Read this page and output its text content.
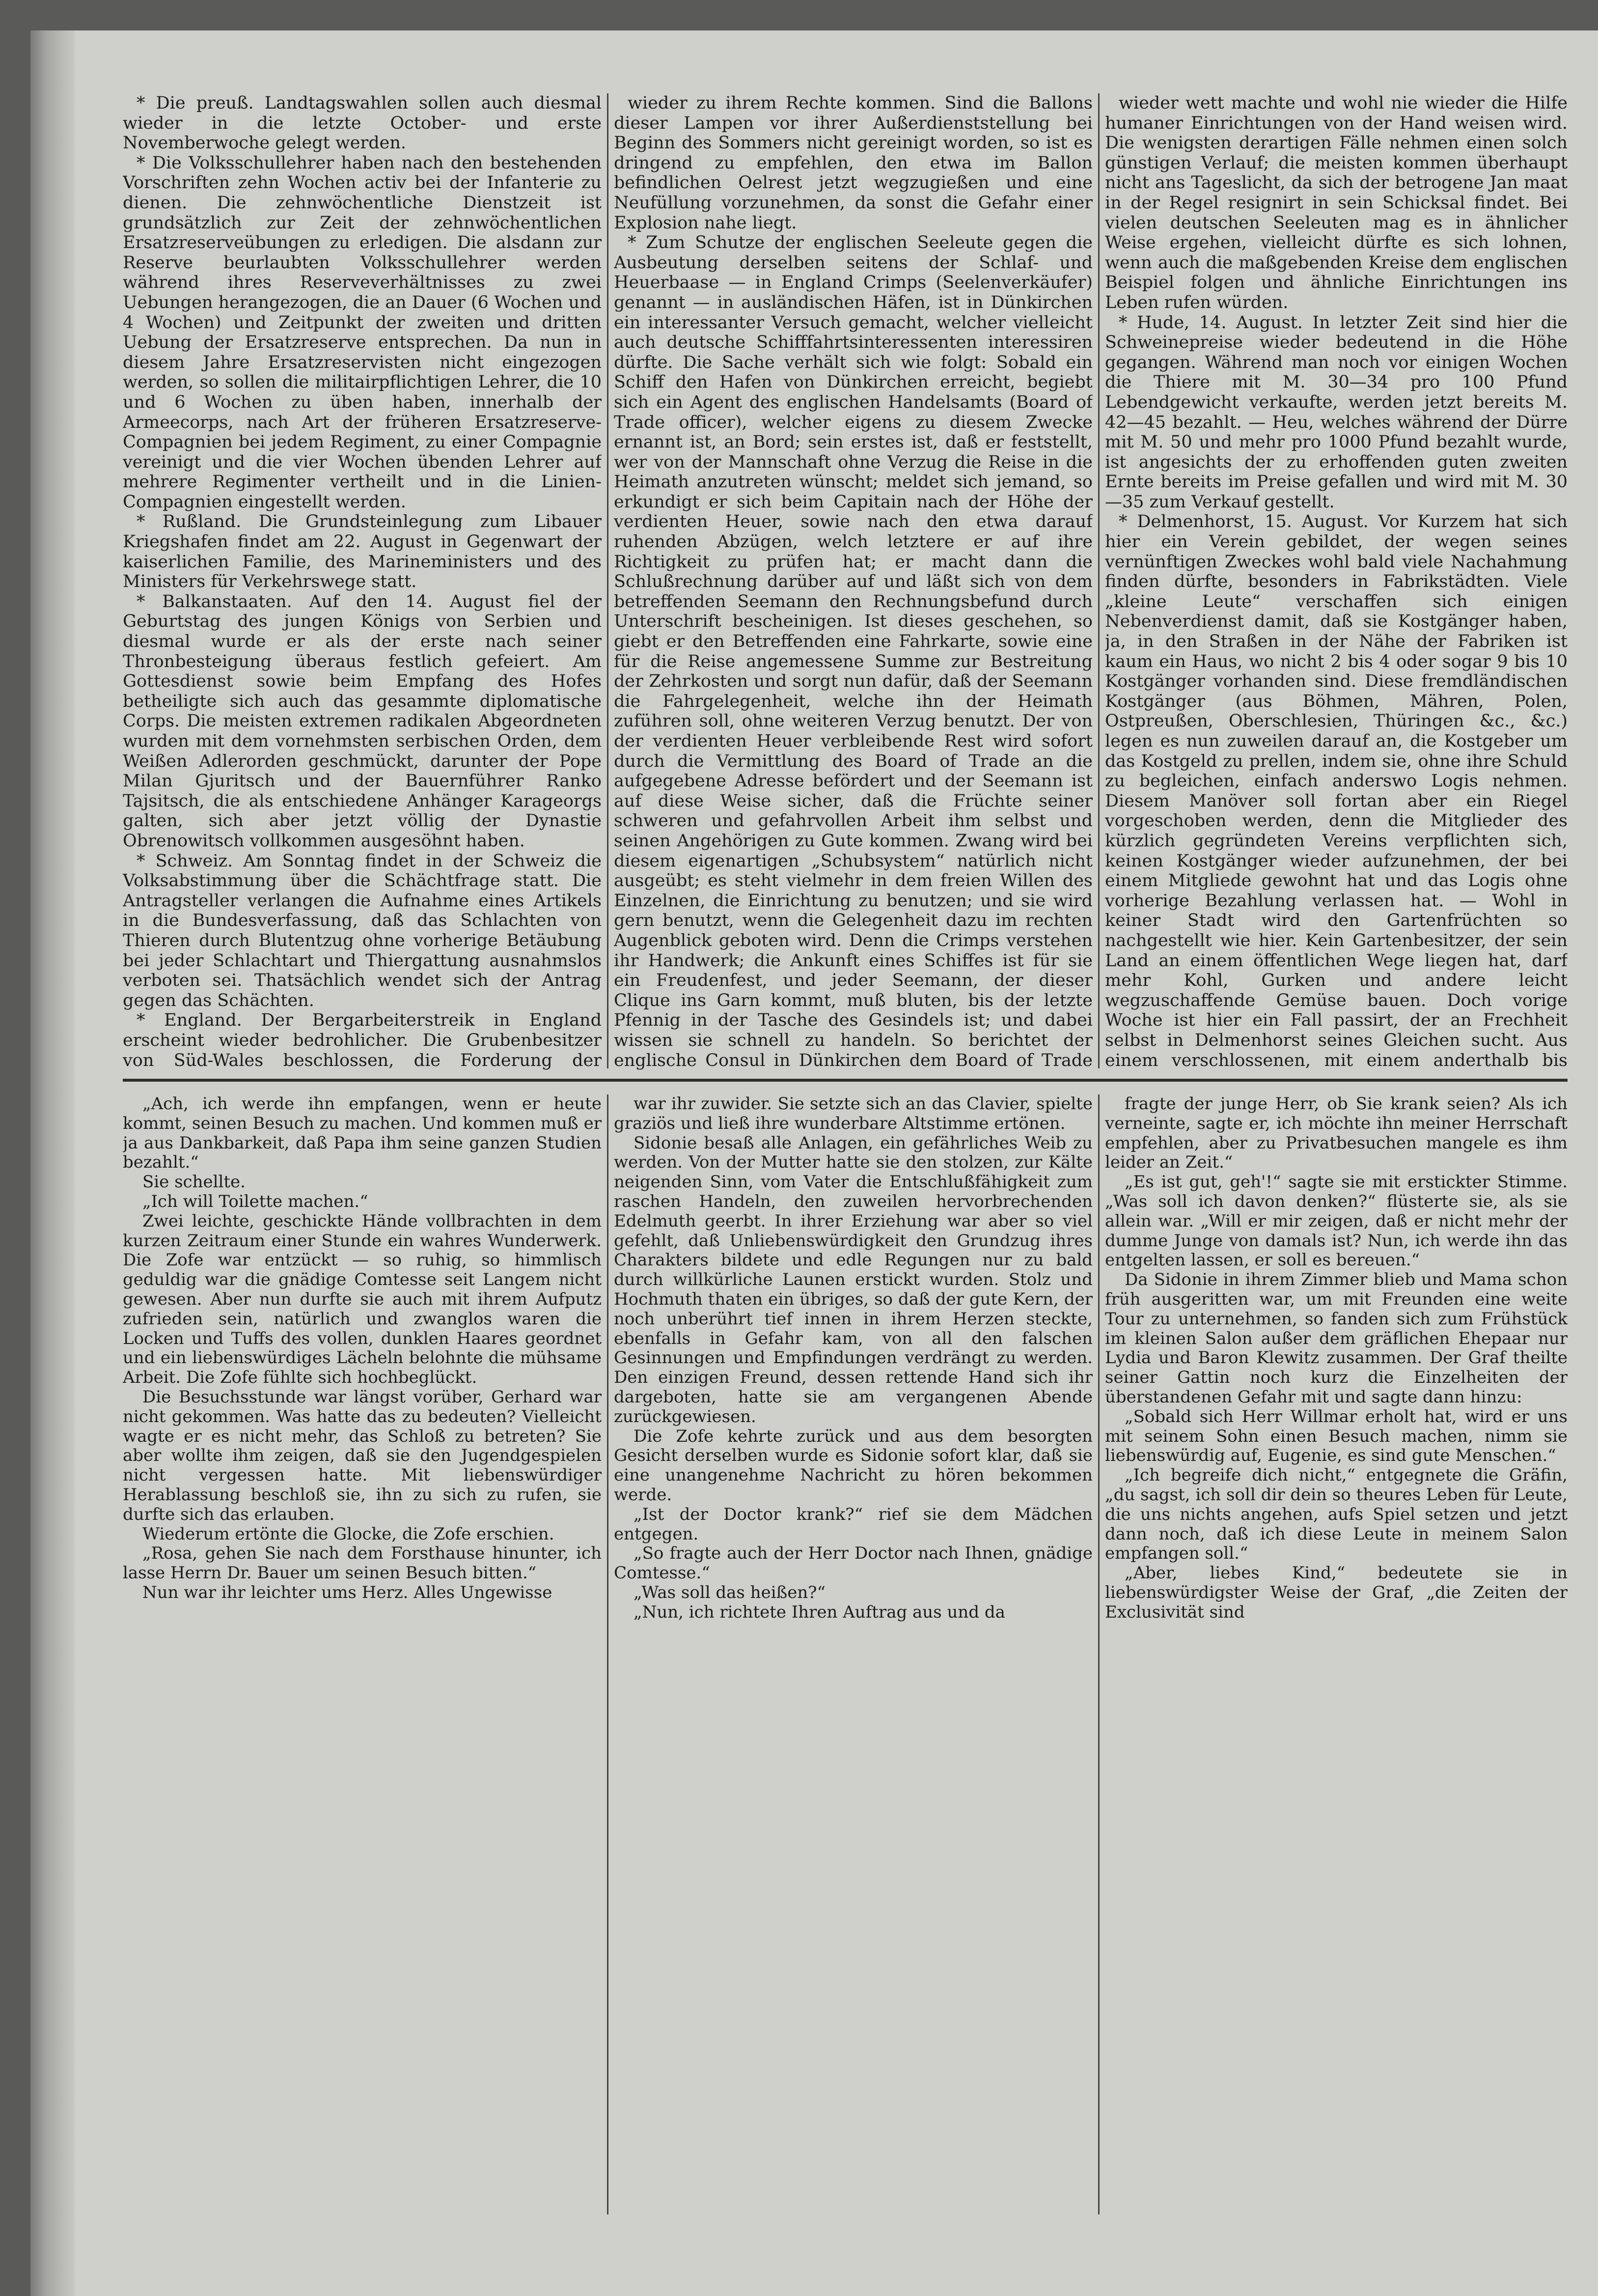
* Die preuß. Landtagswahlen sollen auch diesmal wieder in die letzte October- und erste Novemberwoche gelegt werden.

* Die Volksschullehrer haben nach den bestehenden Vorschriften zehn Wochen activ bei der Infanterie zu dienen. Die zehnwöchentliche Dienstzeit ist grundsätzlich zur Zeit der zehnwöchentlichen Ersatzreserveübungen zu erledigen. Die alsdann zur Reserve beurlaubten Volksschullehrer werden während ihres Reserveverhältnisses zu zwei Uebungen herangezogen, die an Dauer (6 Wochen und 4 Wochen) und Zeitpunkt der zweiten und dritten Uebung der Ersatzreserve entsprechen. Da nun in diesem Jahre Ersatzreservisten nicht eingezogen werden, so sollen die militairpflichtigen Lehrer, die 10 und 6 Wochen zu üben haben, innerhalb der Armeecorps, nach Art der früheren Ersatzreserve-Compagnien bei jedem Regiment, zu einer Compagnie vereinigt und die vier Wochen übenden Lehrer auf mehrere Regimenter vertheilt und in die Linien-Compagnien eingestellt werden.

* Rußland. Die Grundsteinlegung zum Libauer Kriegshafen findet am 22. August in Gegenwart der kaiserlichen Familie, des Marineministers und des Ministers für Verkehrswege statt.

* Balkanstaaten. Auf den 14. August fiel der Geburtstag des jungen Königs von Serbien und diesmal wurde er als der erste nach seiner Thronbesteigung überaus festlich gefeiert. Am Gottesdienst sowie beim Empfang des Hofes betheiligte sich auch das gesammte diplomatische Corps. Die meisten extremen radikalen Abgeordneten wurden mit dem vornehmsten serbischen Orden, dem Weißen Adlerorden geschmückt, darunter der Pope Milan Gjuritsch und der Bauernführer Ranko Tajsitsch, die als entschiedene Anhänger Karageorgs galten, sich aber jetzt völlig der Dynastie Obrenowitsch vollkommen ausgesöhnt haben.

* Schweiz. Am Sonntag findet in der Schweiz die Volksabstimmung über die Schächtfrage statt. Die Antragsteller verlangen die Aufnahme eines Artikels in die Bundesverfassung, daß das Schlachten von Thieren durch Blutentzug ohne vorherige Betäubung bei jeder Schlachtart und Thiergattung ausnahmslos verboten sei. Thatsächlich wendet sich der Antrag gegen das Schächten.

* England. Der Bergarbeiterstreik in England erscheint wieder bedrohlicher. Die Grubenbesitzer von Süd-Wales beschlossen, die Forderung der

wieder zu ihrem Rechte kommen. Sind die Ballons dieser Lampen vor ihrer Außerdienststellung bei Beginn des Sommers nicht gereinigt worden, so ist es dringend zu empfehlen, den etwa im Ballon befindlichen Oelrest jetzt wegzugießen und eine Neufüllung vorzunehmen, da sonst die Gefahr einer Explosion nahe liegt.

* Zum Schutze der englischen Seeleute gegen die Ausbeutung derselben seitens der Schlaf- und Heuerbaase — in England Crimps (Seelenverkäufer) genannt — in ausländischen Häfen, ist in Dünkirchen ein interessanter Versuch gemacht, welcher vielleicht auch deutsche Schifffahrtsinteressenten interessiren dürfte. Die Sache verhält sich wie folgt: Sobald ein Schiff den Hafen von Dünkirchen erreicht, begiebt sich ein Agent des englischen Handelsamts (Board of Trade officer), welcher eigens zu diesem Zwecke ernannt ist, an Bord; sein erstes ist, daß er feststellt, wer von der Mannschaft ohne Verzug die Reise in die Heimath anzutreten wünscht; meldet sich jemand, so erkundigt er sich beim Capitain nach der Höhe der verdienten Heuer, sowie nach den etwa darauf ruhenden Abzügen, welch letztere er auf ihre Richtigkeit zu prüfen hat; er macht dann die Schlußrechnung darüber auf und läßt sich von dem betreffenden Seemann den Rechnungsbefund durch Unterschrift bescheinigen. Ist dieses geschehen, so giebt er den Betreffenden eine Fahrkarte, sowie eine für die Reise angemessene Summe zur Bestreitung der Zehrkosten und sorgt nun dafür, daß der Seemann die Fahrgelegenheit, welche ihn der Heimath zuführen soll, ohne weiteren Verzug benutzt. Der von der verdienten Heuer verbleibende Rest wird sofort durch die Vermittlung des Board of Trade an die aufgegebene Adresse befördert und der Seemann ist auf diese Weise sicher, daß die Früchte seiner schweren und gefahrvollen Arbeit ihm selbst und seinen Angehörigen zu Gute kommen. Zwang wird bei diesem eigenartigen „Schubsystem“ natürlich nicht ausgeübt; es steht vielmehr in dem freien Willen des Einzelnen, die Einrichtung zu benutzen; und sie wird gern benutzt, wenn die Gelegenheit dazu im rechten Augenblick geboten wird. Denn die Crimps verstehen ihr Handwerk; die Ankunft eines Schiffes ist für sie ein Freudenfest, und jeder Seemann, der dieser Clique ins Garn kommt, muß bluten, bis der letzte Pfennig in der Tasche des Gesindels ist; und dabei wissen sie schnell zu handeln. So berichtet der englische Consul in Dünkirchen dem Board of Trade

wieder wett machte und wohl nie wieder die Hilfe humaner Einrichtungen von der Hand weisen wird. Die wenigsten derartigen Fälle nehmen einen solch günstigen Verlauf; die meisten kommen überhaupt nicht ans Tageslicht, da sich der betrogene Jan maat in der Regel resignirt in sein Schicksal findet. Bei vielen deutschen Seeleuten mag es in ähnlicher Weise ergehen, vielleicht dürfte es sich lohnen, wenn auch die maßgebenden Kreise dem englischen Beispiel folgen und ähnliche Einrichtungen ins Leben rufen würden.

* Hude, 14. August. In letzter Zeit sind hier die Schweinepreise wieder bedeutend in die Höhe gegangen. Während man noch vor einigen Wochen die Thiere mit M. 30—34 pro 100 Pfund Lebendgewicht verkaufte, werden jetzt bereits M. 42—45 bezahlt. — Heu, welches während der Dürre mit M. 50 und mehr pro 1000 Pfund bezahlt wurde, ist angesichts der zu erhoffenden guten zweiten Ernte bereits im Preise gefallen und wird mit M. 30—35 zum Verkauf gestellt.

* Delmenhorst, 15. August. Vor Kurzem hat sich hier ein Verein gebildet, der wegen seines vernünftigen Zweckes wohl bald viele Nachahmung finden dürfte, besonders in Fabrikstädten. Viele „kleine Leute“ verschaffen sich einigen Nebenverdienst damit, daß sie Kostgänger haben, ja, in den Straßen in der Nähe der Fabriken ist kaum ein Haus, wo nicht 2 bis 4 oder sogar 9 bis 10 Kostgänger vorhanden sind. Diese fremdländischen Kostgänger (aus Böhmen, Mähren, Polen, Ostpreußen, Oberschlesien, Thüringen &c., &c.) legen es nun zuweilen darauf an, die Kostgeber um das Kostgeld zu prellen, indem sie, ohne ihre Schuld zu begleichen, einfach anderswo Logis nehmen. Diesem Manöver soll fortan aber ein Riegel vorgeschoben werden, denn die Mitglieder des kürzlich gegründeten Vereins verpflichten sich, keinen Kostgänger wieder aufzunehmen, der bei einem Mitgliede gewohnt hat und das Logis ohne vorherige Bezahlung verlassen hat. — Wohl in keiner Stadt wird den Gartenfrüchten so nachgestellt wie hier. Kein Gartenbesitzer, der sein Land an einem öffentlichen Wege liegen hat, darf mehr Kohl, Gurken und andere leicht wegzuschaffende Gemüse bauen. Doch vorige Woche ist hier ein Fall passirt, der an Frechheit selbst in Delmenhorst seines Gleichen sucht. Aus einem verschlossenen, mit einem anderthalb bis

„Ach, ich werde ihn empfangen, wenn er heute kommt, seinen Besuch zu machen. Und kommen muß er ja aus Dankbarkeit, daß Papa ihm seine ganzen Studien bezahlt.“

Sie schellte.

„Ich will Toilette machen.“

Zwei leichte, geschickte Hände vollbrachten in dem kurzen Zeitraum einer Stunde ein wahres Wunderwerk. Die Zofe war entzückt — so ruhig, so himmlisch geduldig war die gnädige Comtesse seit Langem nicht gewesen. Aber nun durfte sie auch mit ihrem Aufputz zufrieden sein, natürlich und zwanglos waren die Locken und Tuffs des vollen, dunklen Haares geordnet und ein liebenswürdiges Lächeln belohnte die mühsame Arbeit. Die Zofe fühlte sich hochbeglückt.

Die Besuchsstunde war längst vorüber, Gerhard war nicht gekommen. Was hatte das zu bedeuten? Vielleicht wagte er es nicht mehr, das Schloß zu betreten? Sie aber wollte ihm zeigen, daß sie den Jugendgespielen nicht vergessen hatte. Mit liebenswürdiger Herablassung beschloß sie, ihn zu sich zu rufen, sie durfte sich das erlauben.

Wiederum ertönte die Glocke, die Zofe erschien.

„Rosa, gehen Sie nach dem Forsthause hinunter, ich lasse Herrn Dr. Bauer um seinen Besuch bitten.“

Nun war ihr leichter ums Herz. Alles Ungewisse

war ihr zuwider. Sie setzte sich an das Clavier, spielte graziös und ließ ihre wunderbare Altstimme ertönen.

Sidonie besaß alle Anlagen, ein gefährliches Weib zu werden. Von der Mutter hatte sie den stolzen, zur Kälte neigenden Sinn, vom Vater die Entschlußfähigkeit zum raschen Handeln, den zuweilen hervorbrechenden Edelmuth geerbt. In ihrer Erziehung war aber so viel gefehlt, daß Unliebenswürdigkeit den Grundzug ihres Charakters bildete und edle Regungen nur zu bald durch willkürliche Launen erstickt wurden. Stolz und Hochmuth thaten ein übriges, so daß der gute Kern, der noch unberührt tief innen in ihrem Herzen steckte, ebenfalls in Gefahr kam, von all den falschen Gesinnungen und Empfindungen verdrängt zu werden. Den einzigen Freund, dessen rettende Hand sich ihr dargeboten, hatte sie am vergangenen Abende zurückgewiesen.

Die Zofe kehrte zurück und aus dem besorgten Gesicht derselben wurde es Sidonie sofort klar, daß sie eine unangenehme Nachricht zu hören bekommen werde.

„Ist der Doctor krank?“ rief sie dem Mädchen entgegen.

„So fragte auch der Herr Doctor nach Ihnen, gnädige Comtesse.“

„Was soll das heißen?“

„Nun, ich richtete Ihren Auftrag aus und da

fragte der junge Herr, ob Sie krank seien? Als ich verneinte, sagte er, ich möchte ihn meiner Herrschaft empfehlen, aber zu Privatbesuchen mangele es ihm leider an Zeit.“

„Es ist gut, geh'!“ sagte sie mit erstickter Stimme. „Was soll ich davon denken?“ flüsterte sie, als sie allein war. „Will er mir zeigen, daß er nicht mehr der dumme Junge von damals ist? Nun, ich werde ihn das entgelten lassen, er soll es bereuen.“

Da Sidonie in ihrem Zimmer blieb und Mama schon früh ausgeritten war, um mit Freunden eine weite Tour zu unternehmen, so fanden sich zum Frühstück im kleinen Salon außer dem gräflichen Ehepaar nur Lydia und Baron Klewitz zusammen. Der Graf theilte seiner Gattin noch kurz die Einzelheiten der überstandenen Gefahr mit und sagte dann hinzu:

„Sobald sich Herr Willmar erholt hat, wird er uns mit seinem Sohn einen Besuch machen, nimm sie liebenswürdig auf, Eugenie, es sind gute Menschen.“

„Ich begreife dich nicht,“ entgegnete die Gräfin, „du sagst, ich soll dir dein so theures Leben für Leute, die uns nichts angehen, aufs Spiel setzen und jetzt dann noch, daß ich diese Leute in meinem Salon empfangen soll.“

„Aber, liebes Kind,“ bedeutete sie in liebenswürdigster Weise der Graf, „die Zeiten der Exclusivität sind
